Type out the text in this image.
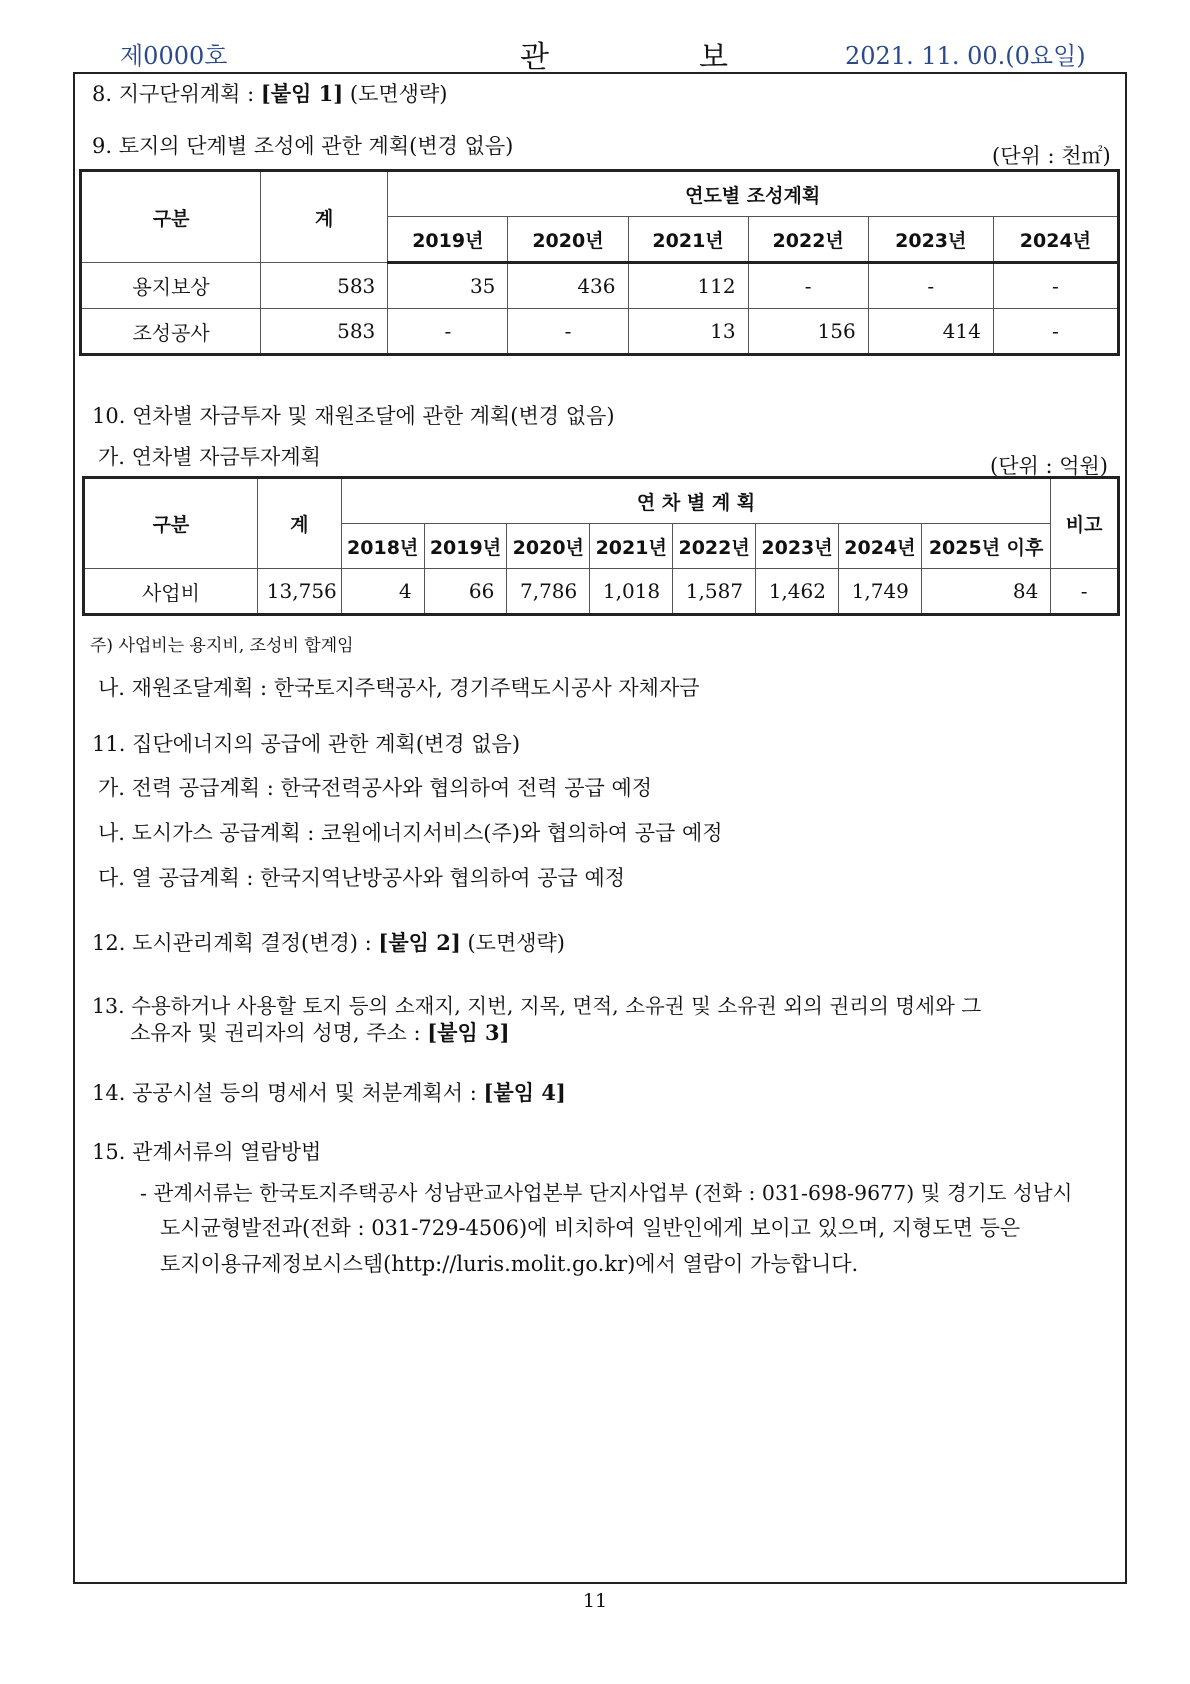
제0000호	관보
2021. 11. 00.(0요일)
8. 지구단위계획 : [붙임 1] (도면생략)
9. 토지의 단계별 조성에 관한 계획(변경 없음)	(단위 : 천㎡)
구분	계	연도별 조성계획					
		2019년	2020년	2021년	2022년	2023년	2024년
용지보상	583	35	436	112	-	-	-
조성공사	583	-	-	13	156	414	-
10. 연차별 자금투자 및 재원조달에 관한 계획(변경 없음)
가. 연차별 자금투자계획	(단위 : 억원)
구분	계	연 차 별 계 획								비고
		2018년	2019년	2020년	2021년	2022년	2023년	2024년	2025년 이후	
사업비	13,756	4	66	7,786	1,018	1,587	1,462	1,749	84	-
주) 사업비는 용지비, 조성비 합계임
나. 재원조달계획 : 한국토지주택공사, 경기주택도시공사 자체자금
11. 집단에너지의 공급에 관한 계획(변경 없음)
가. 전력 공급계획 : 한국전력공사와 협의하여 전력 공급 예정
나. 도시가스 공급계획 : 코원에너지서비스(주)와 협의하여 공급 예정
다. 열 공급계획 : 한국지역난방공사와 협의하여 공급 예정
12. 도시관리계획 결정(변경) : [붙임 2] (도면생략)
13. 수용하거나 사용할 토지 등의 소재지, 지번, 지목, 면적, 소유권 및 소유권 외의 권리의 명세와 그
소유자 및 권리자의 성명, 주소 : [붙임 3]
14. 공공시설 등의 명세서 및 처분계획서 : [붙임 4]
15. 관계서류의 열람방법
- 관계서류는 한국토지주택공사 성남판교사업본부 단지사업부 (전화 : 031-698-9677) 및 경기도 성남시
도시균형발전과(전화 : 031-729-4506)에 비치하여 일반인에게 보이고 있으며, 지형도면 등은
토지이용규제정보시스템(http://luris.molit.go.kr)에서 열람이 가능합니다.
11
